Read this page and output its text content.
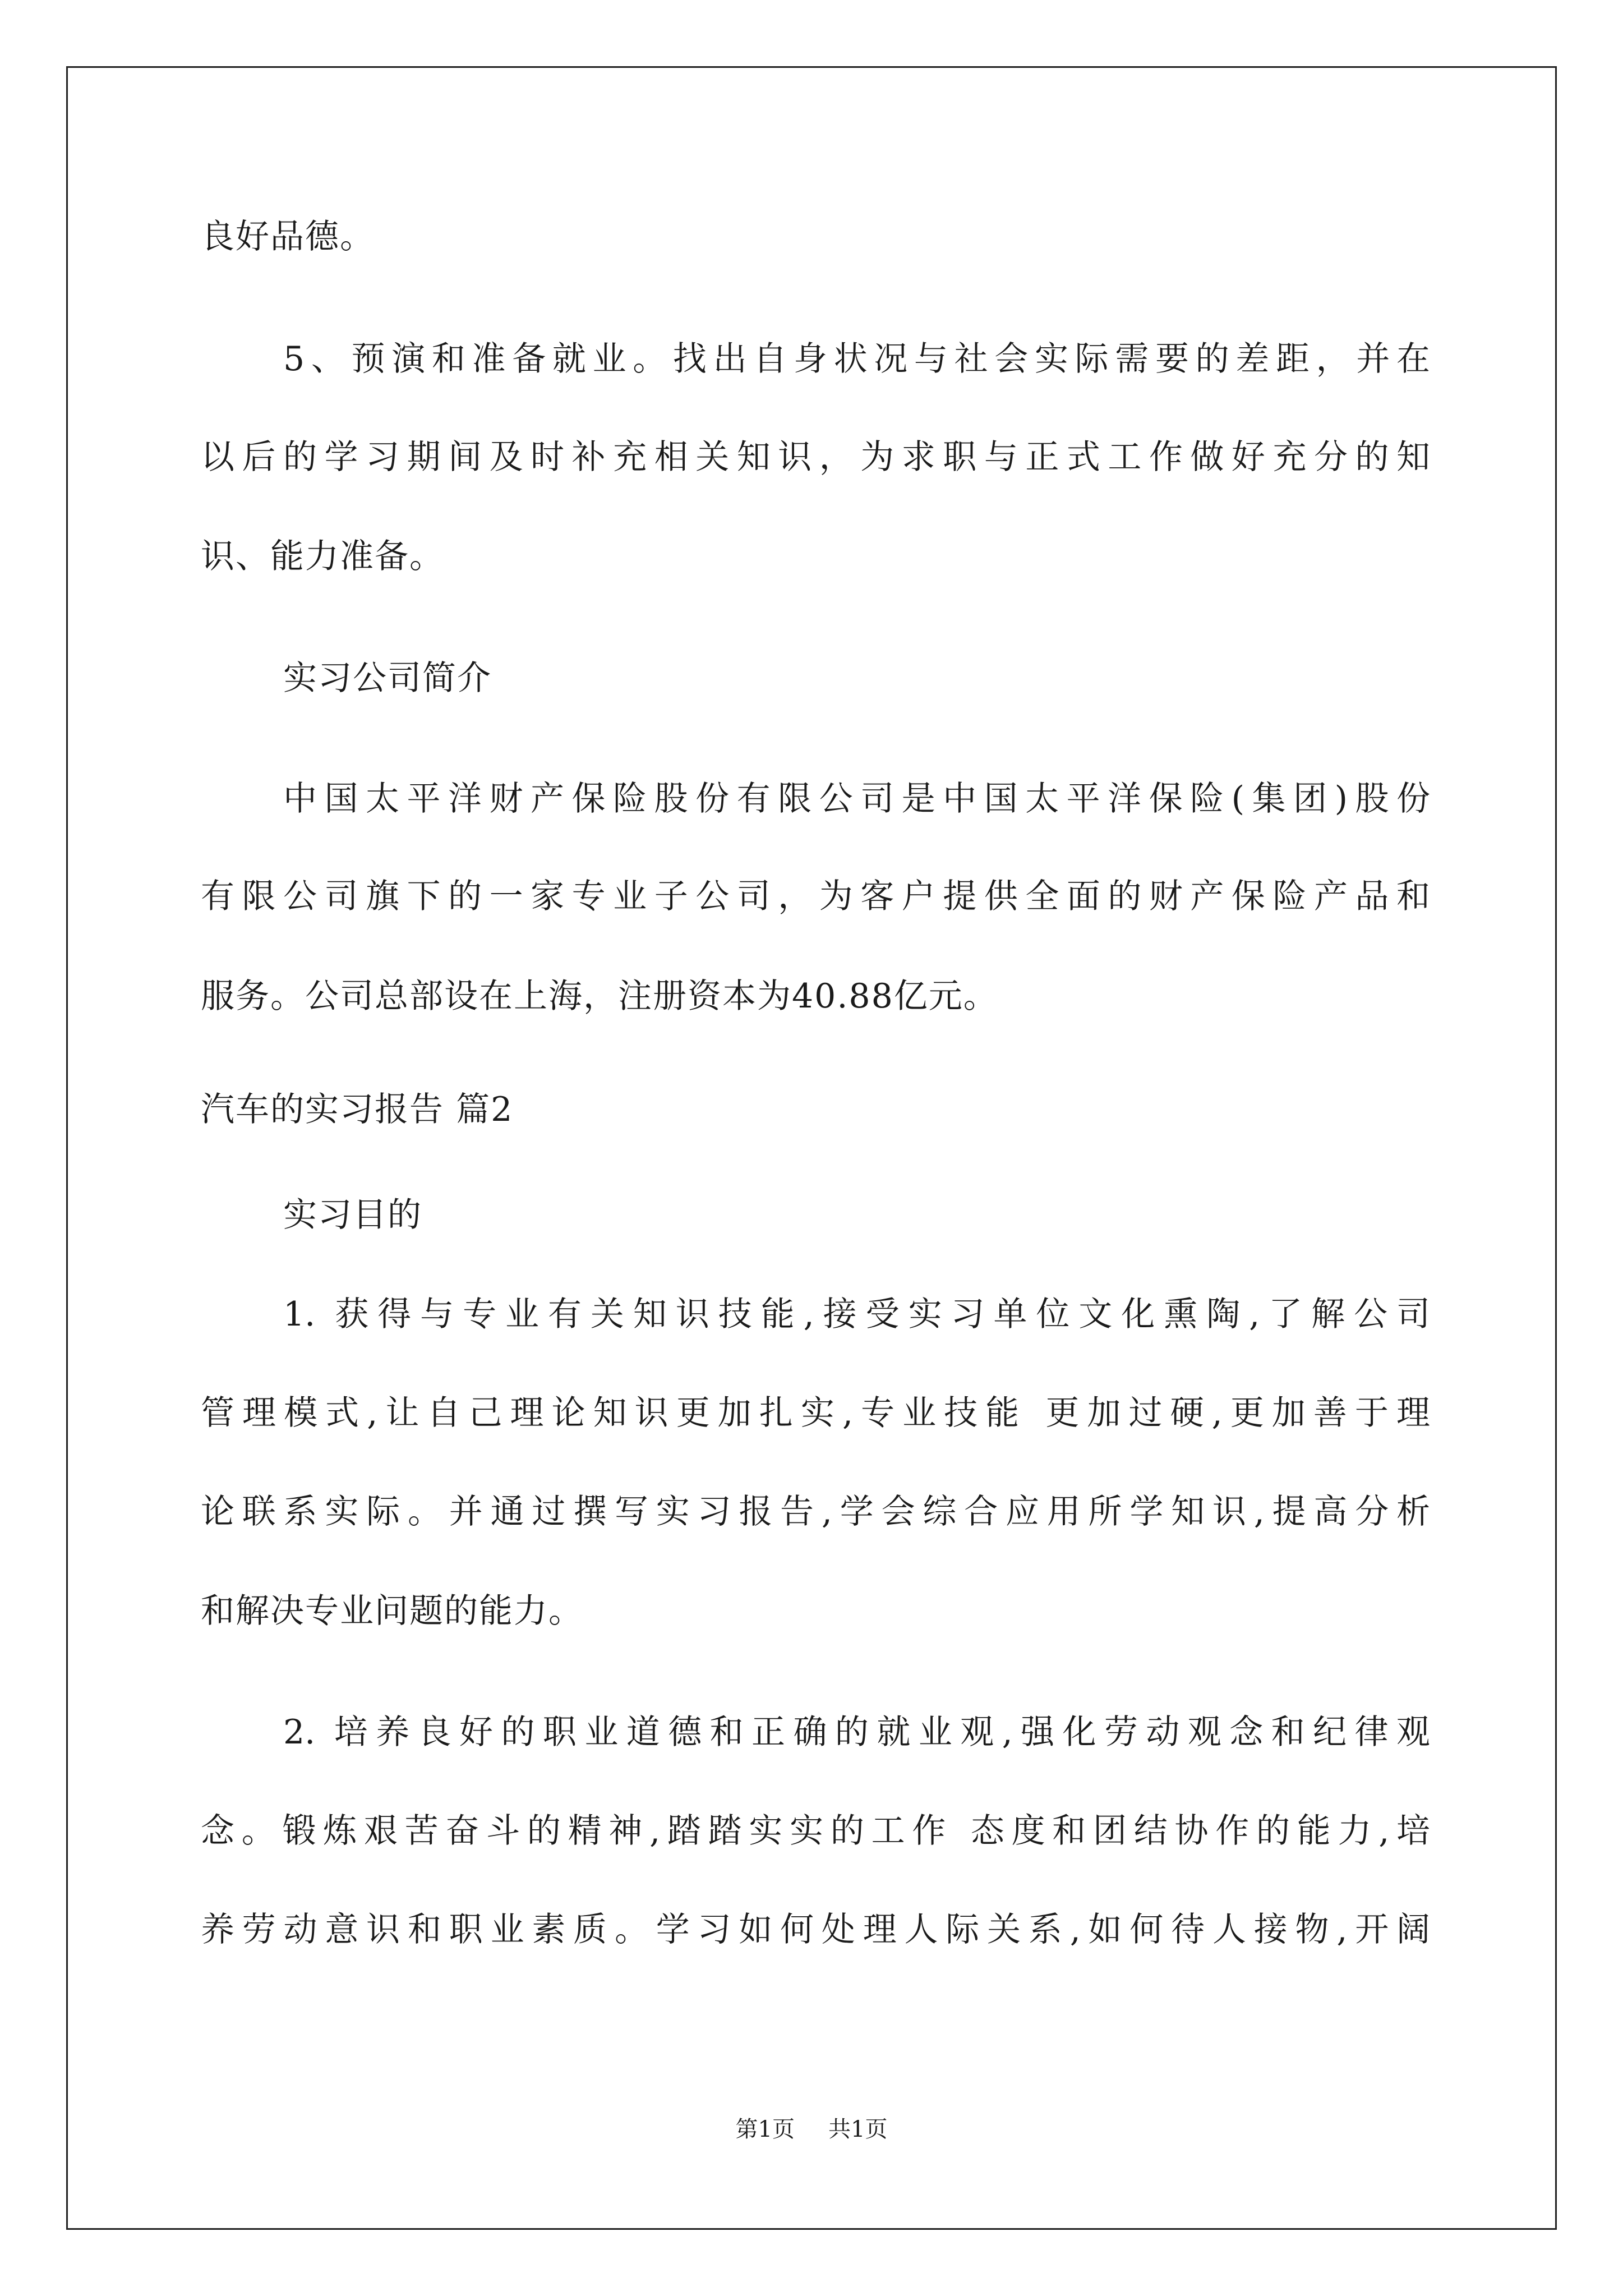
良好品德。
5、预演和准备就业。找出自身状况与社会实际需要的差距，并在
以后的学习期间及时补充相关知识，为求职与正式工作做好充分的知
识、能力准备。
实习公司简介
中国太平洋财产保险股份有限公司是中国太平洋保险(集团)股份
有限公司旗下的一家专业子公司，为客户提供全面的财产保险产品和
服务。公司总部设在上海，注册资本为40.88亿元。
汽车的实习报告 篇2
实习目的
1. 获得与专业有关知识技能,接受实习单位文化熏陶,了解公司
管理模式,让自己理论知识更加扎实,专业技能 更加过硬,更加善于理
论联系实际。并通过撰写实习报告,学会综合应用所学知识,提高分析
和解决专业问题的能力。
2. 培养良好的职业道德和正确的就业观,强化劳动观念和纪律观
念。锻炼艰苦奋斗的精神,踏踏实实的工作 态度和团结协作的能力,培
养劳动意识和职业素质。学习如何处理人际关系,如何待人接物,开阔
第1页 共1页
